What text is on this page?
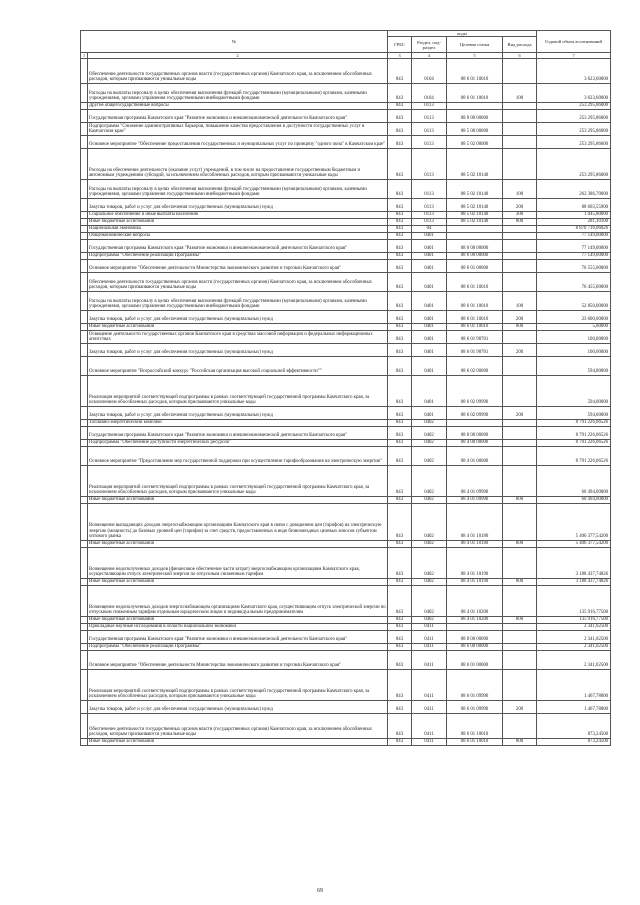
№		коды				Годовой объем ассигнований
		ГРБС	Раздел, под-раздел	Целевая статья	Вид расхода	
1	2	3	4	5	6	7
	Обеспечение деятельности государственных органов власти (государственных органов) Камчатского края, за исключением обособленных расходов, которым присваиваются уникальные коды	843	0104	08 6 01 10010		3 623,60000
	Расходы на выплаты персоналу в целях обеспечения выполнения функций государственными (муниципальными) органами, казенными учреждениями, органами управления государственными внебюджетными фондами	843	0104	08 6 01 10010	100	3 623,60000
	Другие общегосударственные вопросы	843	0113			253 295,86000
	Государственная программа Камчатского края "Развитие экономики и внешнеэкономической деятельности Камчатского края"	843	0113	08 0 00 00000		253 295,86000
	Подпрограмма "Снижение административных барьеров, повышение качества предоставления и доступности государственных услуг в Камчатском крае"	843	0113	08 5 00 00000		253 295,86000
	Основное мероприятие "Обеспечение предоставления государственных и муниципальных услуг по принципу "одного окна" в Камчатском крае"	843	0113	08 5 02 00000		253 295,86000
	Расходы на обеспечение деятельности (оказание услуг) учреждений, в том числе на предоставление государственным бюджетным и автономным учреждениям субсидий, за исключением обособленных расходов, которым присваиваются уникальные коды	843	0113	08 5 02 10140		253 295,86000
	Расходы на выплаты персоналу в целях обеспечения выполнения функций государственными (муниципальными) органами, казенными учреждениями, органами управления государственными внебюджетными фондами	843	0113	08 5 02 10140	100	262 386,70000
	Закупка товаров, работ и услуг для обеспечения государственных (муниципальных) нужд	843	0113	08 5 02 10140	200	88 603,55900
	Социальное обеспечение и иные выплаты населению	843	0113	08 5 02 10140	300	1 045,80000
	Иные бюджетные ассигнования	843	0113	08 5 02 10140	800	281,10100
	Национальная экономика	843	04			8 870 716,06026
	Общеэкономические вопросы	843	0401			77 149,00000
	Государственная программа Камчатского края "Развитие экономики и внешнеэкономической деятельности Камчатского края"	843	0401	08 0 00 00000		77 149,00000
	Подпрограмма "Обеспечение реализации Программы"	843	0401	08 6 00 00000		77 149,00000
	Основное мероприятие "Обеспечение деятельности Министерства экономического развития и торговли Камчатского края"	843	0401	08 6 01 00000		76 555,00000
	Обеспечение деятельности государственных органов власти (государственных органов) Камчатского края, за исключением обособленных расходов, которым присваиваются уникальные коды	843	0401	08 6 01 10010		76 455,00000
	Расходы на выплаты персоналу в целях обеспечения выполнения функций государственными (муниципальными) органами, казенными учреждениями, органами управления государственными внебюджетными фондами	843	0401	08 6 01 10010	100	52 850,00000
	Закупка товаров, работ и услуг для обеспечения государственных (муниципальных) нужд	843	0401	08 6 01 10010	200	23 600,00000
	Иные бюджетные ассигнования	843	0401	08 6 01 10010	800	5,00000
	Освещение деятельности государственных органов Камчатского края в средствах массовой информации и федеральных информационных агентствах	843	0401	08 6 01 98701		100,00000
	Закупка товаров, работ и услуг для обеспечения государственных (муниципальных) нужд	843	0401	08 6 01 98701	200	100,00000
	Основное мероприятие "Всероссийский конкурс "Российская организация высокой социальной эффективности""	843	0401	08 6 02 00000		594,00000
	Реализация мероприятий соответствующей подпрограммы в рамках соответствующей государственной программы Камчатского края, за исключением обособленных расходов, которым присваиваются уникальные коды	843	0401	08 6 02 09990		594,00000
	Закупка товаров, работ и услуг для обеспечения государственных (муниципальных) нужд	843	0401	08 6 02 09990	200	594,00000
	Топливно-энергетический комплекс	843	0402			8 791 226,06526
	Государственная программа Камчатского края "Развитие экономики и внешнеэкономической деятельности Камчатского края"	843	0402	08 0 00 00000		8 791 226,06526
	Подпрограмма "Обеспечение доступности энергетических ресурсов"	843	0402	08 4 00 00000		8 791 226,06526
	Основное мероприятие "Предоставление мер государственной поддержки при осуществлении тарифообразования на электрическую энергию"	843	0402	08 4 01 00000		8 791 226,06526
	Реализация мероприятий соответствующей подпрограммы в рамках соответствующей государственной программы Камчатского края, за исключением обособленных расходов, которым присваиваются уникальные коды	843	0402	08 4 01 09990		60 494,00000
	Иные бюджетные ассигнования	843	0402	08 4 01 09990	800	60 494,00000
	Возмещение выпадающих доходов энергоснабжающим организациям Камчатского края в связи с доведением цен (тарифов) на электрическую энергию (мощность) до базовых уровней цен (тарифов) за счет средств, предоставленных в виде безвозмездных целевых взносов субъектом оптового рынка	843	0402	08 4 01 10180		5 406 377,54200
	Иные бюджетные ассигнования	843	0402	08 4 01 10180	800	5 406 377,54200
	Возмещение недополученных доходов (финансовое обеспечение части затрат) энергоснабжающим организациям Камчатского края, осуществляющим отпуск электрической энергии по отпускным сниженным тарифам	843	0402	08 4 01 10190		3 188 437,74826
	Иные бюджетные ассигнования	843	0402	08 4 01 10190	800	3 188 437,74826
	Возмещение недополученных доходов энергоснабжающим организациям Камчатского края, осуществляющим отпуск электрической энергии по отпускным сниженным тарифам отдельным юридическим лицам и индивидуальным предпринимателям	843	0402	08 4 01 10200		135 916,77500
	Иные бюджетные ассигнования	843	0402	08 4 01 10200	800	135 916,77500
	Прикладные научные исследования в области национальной экономики	843	0411			2 341,02500
	Государственная программа Камчатского края "Развитие экономики и внешнеэкономической деятельности Камчатского края"	843	0411	08 0 00 00000		2 341,02500
	Подпрограмма "Обеспечение реализации Программы"	843	0411	08 6 00 00000		2 341,02500
	Основное мероприятие "Обеспечение деятельности Министерства экономического развития и торговли Камчатского края"	843	0411	08 6 01 00000		2 341,02500
	Реализация мероприятий соответствующей подпрограммы в рамках соответствующей государственной программы Камчатского края, за исключением обособленных расходов, которым присваиваются уникальные коды	843	0411	08 6 01 09990		1 467,78000
	Закупка товаров, работ и услуг для обеспечения государственных (муниципальных) нужд	843	0411	08 6 01 09990	200	1 467,78000
	Обеспечение деятельности государственных органов власти (государственных органов) Камчатского края, за исключением обособленных расходов, которым присваиваются уникальные коды	843	0411	08 6 01 10010		873,24500
	Иные бюджетные ассигнования	843	0411	08 6 01 10010	800	873,24500
69
